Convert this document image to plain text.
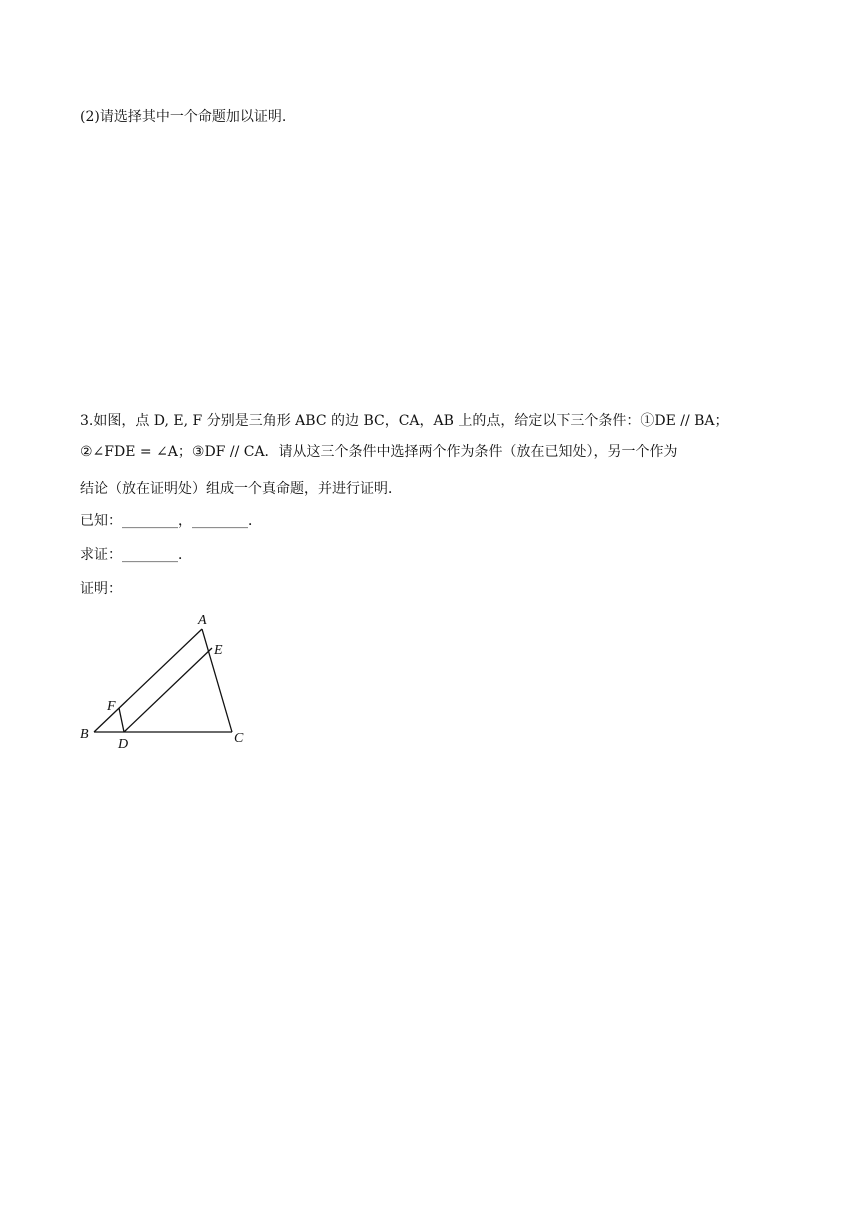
(2)请选择其中一个命题加以证明.
3.如图，点 D, E, F 分别是三角形 ABC 的边 BC，CA，AB 上的点，给定以下三个条件：①DE // BA；
②∠FDE = ∠A；③DF // CA．请从这三个条件中选择两个作为条件（放在已知处），另一个作为
结论（放在证明处）组成一个真命题，并进行证明．
已知：________，________．
求证：________．
证明：
A
E
F
B
D	C
